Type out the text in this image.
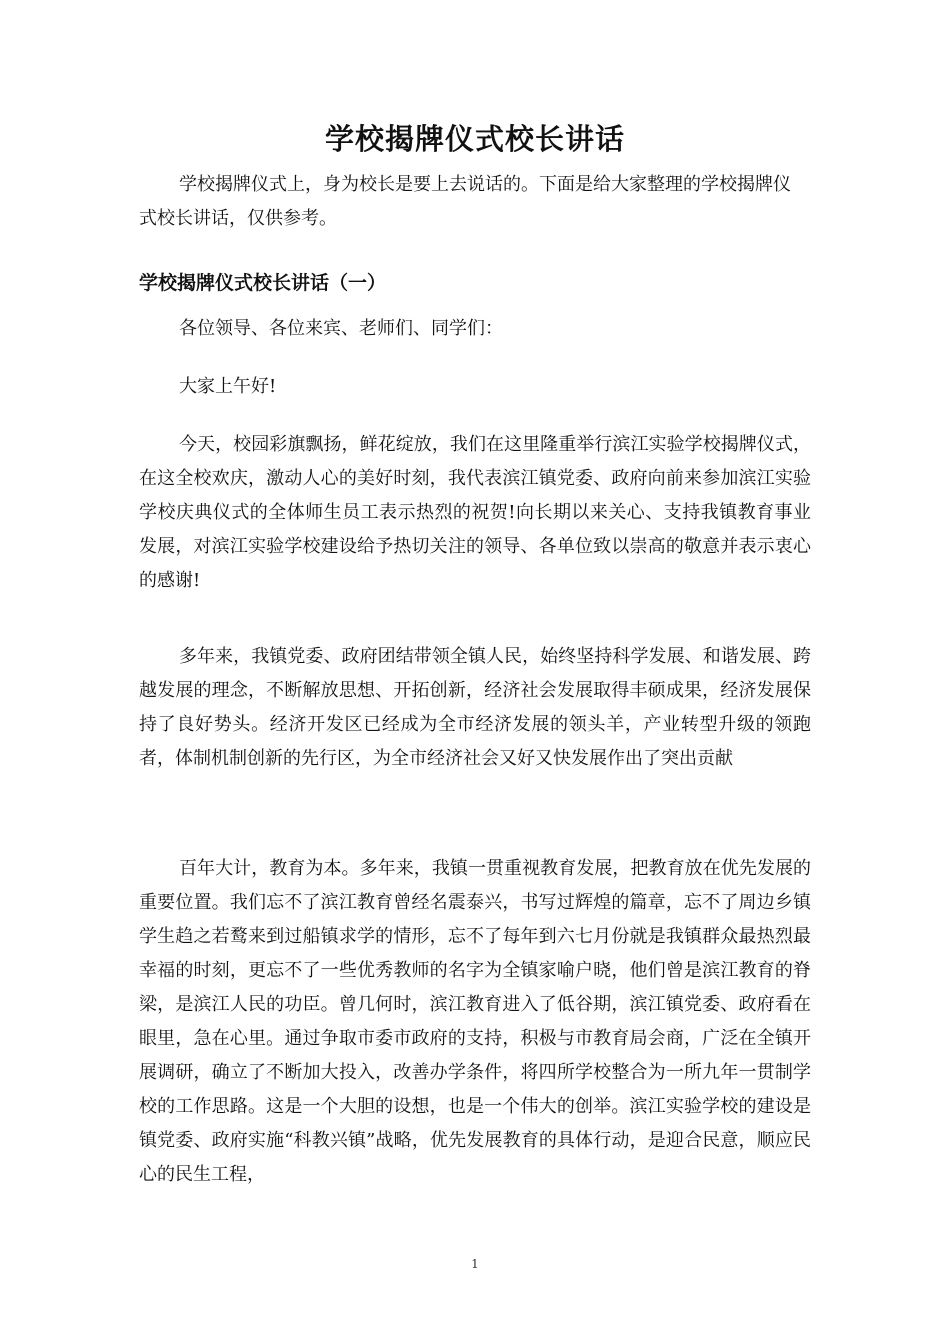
学校揭牌仪式校长讲话

学校揭牌仪式上，身为校长是要上去说话的。下面是给大家整理的学校揭牌仪式校长讲话，仅供参考。

学校揭牌仪式校长讲话（一）

各位领导、各位来宾、老师们、同学们：

大家上午好!

今天，校园彩旗飘扬，鲜花绽放，我们在这里隆重举行滨江实验学校揭牌仪式，在这全校欢庆，激动人心的美好时刻，我代表滨江镇党委、政府向前来参加滨江实验学校庆典仪式的全体师生员工表示热烈的祝贺!向长期以来关心、支持我镇教育事业发展，对滨江实验学校建设给予热切关注的领导、各单位致以崇高的敬意并表示衷心的感谢!

多年来，我镇党委、政府团结带领全镇人民，始终坚持科学发展、和谐发展、跨越发展的理念，不断解放思想、开拓创新，经济社会发展取得丰硕成果，经济发展保持了良好势头。经济开发区已经成为全市经济发展的领头羊，产业转型升级的领跑者，体制机制创新的先行区，为全市经济社会又好又快发展作出了突出贡献

百年大计，教育为本。多年来，我镇一贯重视教育发展，把教育放在优先发展的重要位置。我们忘不了滨江教育曾经名震泰兴，书写过辉煌的篇章，忘不了周边乡镇学生趋之若鹜来到过船镇求学的情形，忘不了每年到六七月份就是我镇群众最热烈最幸福的时刻，更忘不了一些优秀教师的名字为全镇家喻户晓，他们曾是滨江教育的脊梁，是滨江人民的功臣。曾几何时，滨江教育进入了低谷期，滨江镇党委、政府看在眼里，急在心里。通过争取市委市政府的支持，积极与市教育局会商，广泛在全镇开展调研，确立了不断加大投入，改善办学条件，将四所学校整合为一所九年一贯制学校的工作思路。这是一个大胆的设想，也是一个伟大的创举。滨江实验学校的建设是镇党委、政府实施“科教兴镇”战略，优先发展教育的具体行动，是迎合民意，顺应民心的民生工程，

1
